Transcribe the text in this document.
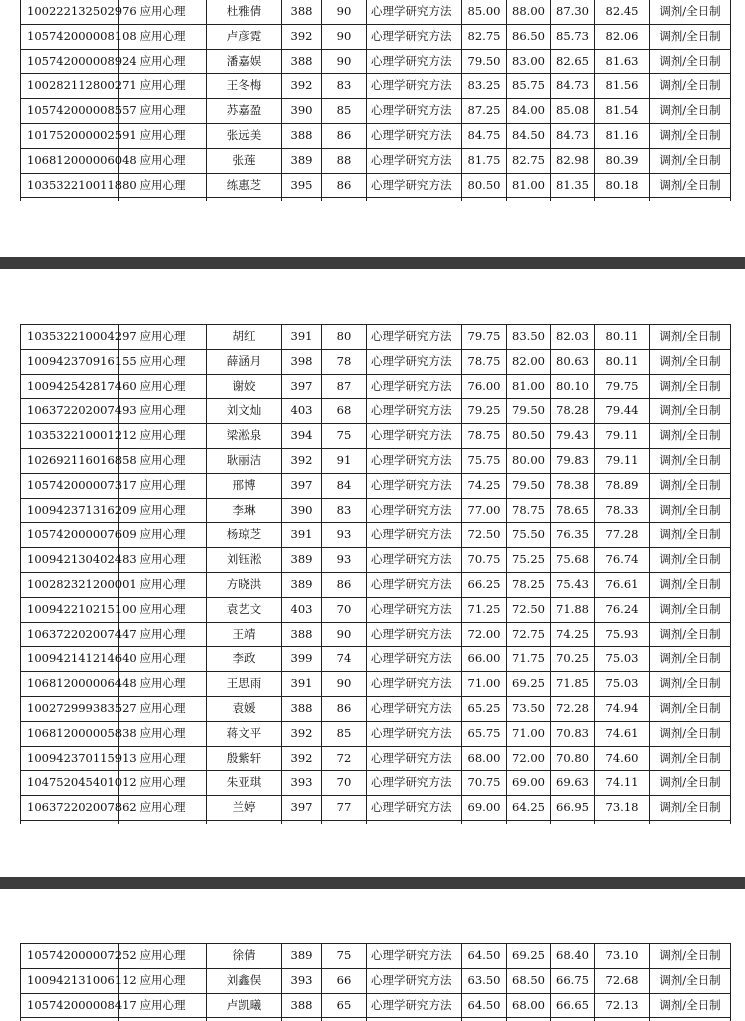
100222132502976	应用心理	杜雅倩	388	90	心理学研究方法	85.00	88.00	87.30	82.45	调剂/全日制
105742000008108	应用心理	卢彦霓	392	90	心理学研究方法	82.75	86.50	85.73	82.06	调剂/全日制
105742000008924	应用心理	潘嘉娱	388	90	心理学研究方法	79.50	83.00	82.65	81.63	调剂/全日制
100282112800271	应用心理	王冬梅	392	83	心理学研究方法	83.25	85.75	84.73	81.56	调剂/全日制
105742000008557	应用心理	苏嘉盈	390	85	心理学研究方法	87.25	84.00	85.08	81.54	调剂/全日制
101752000002591	应用心理	张远美	388	86	心理学研究方法	84.75	84.50	84.73	81.16	调剂/全日制
106812000006048	应用心理	张莲	389	88	心理学研究方法	81.75	82.75	82.98	80.39	调剂/全日制
103532210011880	应用心理	练惠芝	395	86	心理学研究方法	80.50	81.00	81.35	80.18	调剂/全日制

103532210004297	应用心理	胡红	391	80	心理学研究方法	79.75	83.50	82.03	80.11	调剂/全日制
100942370916155	应用心理	薛涵月	398	78	心理学研究方法	78.75	82.00	80.63	80.11	调剂/全日制
100942542817460	应用心理	谢姣	397	87	心理学研究方法	76.00	81.00	80.10	79.75	调剂/全日制
106372202007493	应用心理	刘文灿	403	68	心理学研究方法	79.25	79.50	78.28	79.44	调剂/全日制
103532210001212	应用心理	梁淞泉	394	75	心理学研究方法	78.75	80.50	79.43	79.11	调剂/全日制
102692116016858	应用心理	耿丽洁	392	91	心理学研究方法	75.75	80.00	79.83	79.11	调剂/全日制
105742000007317	应用心理	邢博	397	84	心理学研究方法	74.25	79.50	78.38	78.89	调剂/全日制
100942371316209	应用心理	李琳	390	83	心理学研究方法	77.00	78.75	78.65	78.33	调剂/全日制
105742000007609	应用心理	杨琼芝	391	93	心理学研究方法	72.50	75.50	76.35	77.28	调剂/全日制
100942130402483	应用心理	刘钰淞	389	93	心理学研究方法	70.75	75.25	75.68	76.74	调剂/全日制
100282321200001	应用心理	方晓洪	389	86	心理学研究方法	66.25	78.25	75.43	76.61	调剂/全日制
100942210215100	应用心理	袁艺文	403	70	心理学研究方法	71.25	72.50	71.88	76.24	调剂/全日制
106372202007447	应用心理	王靖	388	90	心理学研究方法	72.00	72.75	74.25	75.93	调剂/全日制
100942141214640	应用心理	李政	399	74	心理学研究方法	66.00	71.75	70.25	75.03	调剂/全日制
106812000006448	应用心理	王思雨	391	90	心理学研究方法	71.00	69.25	71.85	75.03	调剂/全日制
100272999383527	应用心理	袁媛	388	86	心理学研究方法	65.25	73.50	72.28	74.94	调剂/全日制
106812000005838	应用心理	蒋文平	392	85	心理学研究方法	65.75	71.00	70.83	74.61	调剂/全日制
100942370115913	应用心理	殷紫轩	392	72	心理学研究方法	68.00	72.00	70.80	74.60	调剂/全日制
104752045401012	应用心理	朱亚琪	393	70	心理学研究方法	70.75	69.00	69.63	74.11	调剂/全日制
106372202007862	应用心理	兰婷	397	77	心理学研究方法	69.00	64.25	66.95	73.18	调剂/全日制

105742000007252	应用心理	徐倩	389	75	心理学研究方法	64.50	69.25	68.40	73.10	调剂/全日制
100942131006112	应用心理	刘鑫俣	393	66	心理学研究方法	63.50	68.50	66.75	72.68	调剂/全日制
105742000008417	应用心理	卢凯曦	388	65	心理学研究方法	64.50	68.00	66.65	72.13	调剂/全日制
